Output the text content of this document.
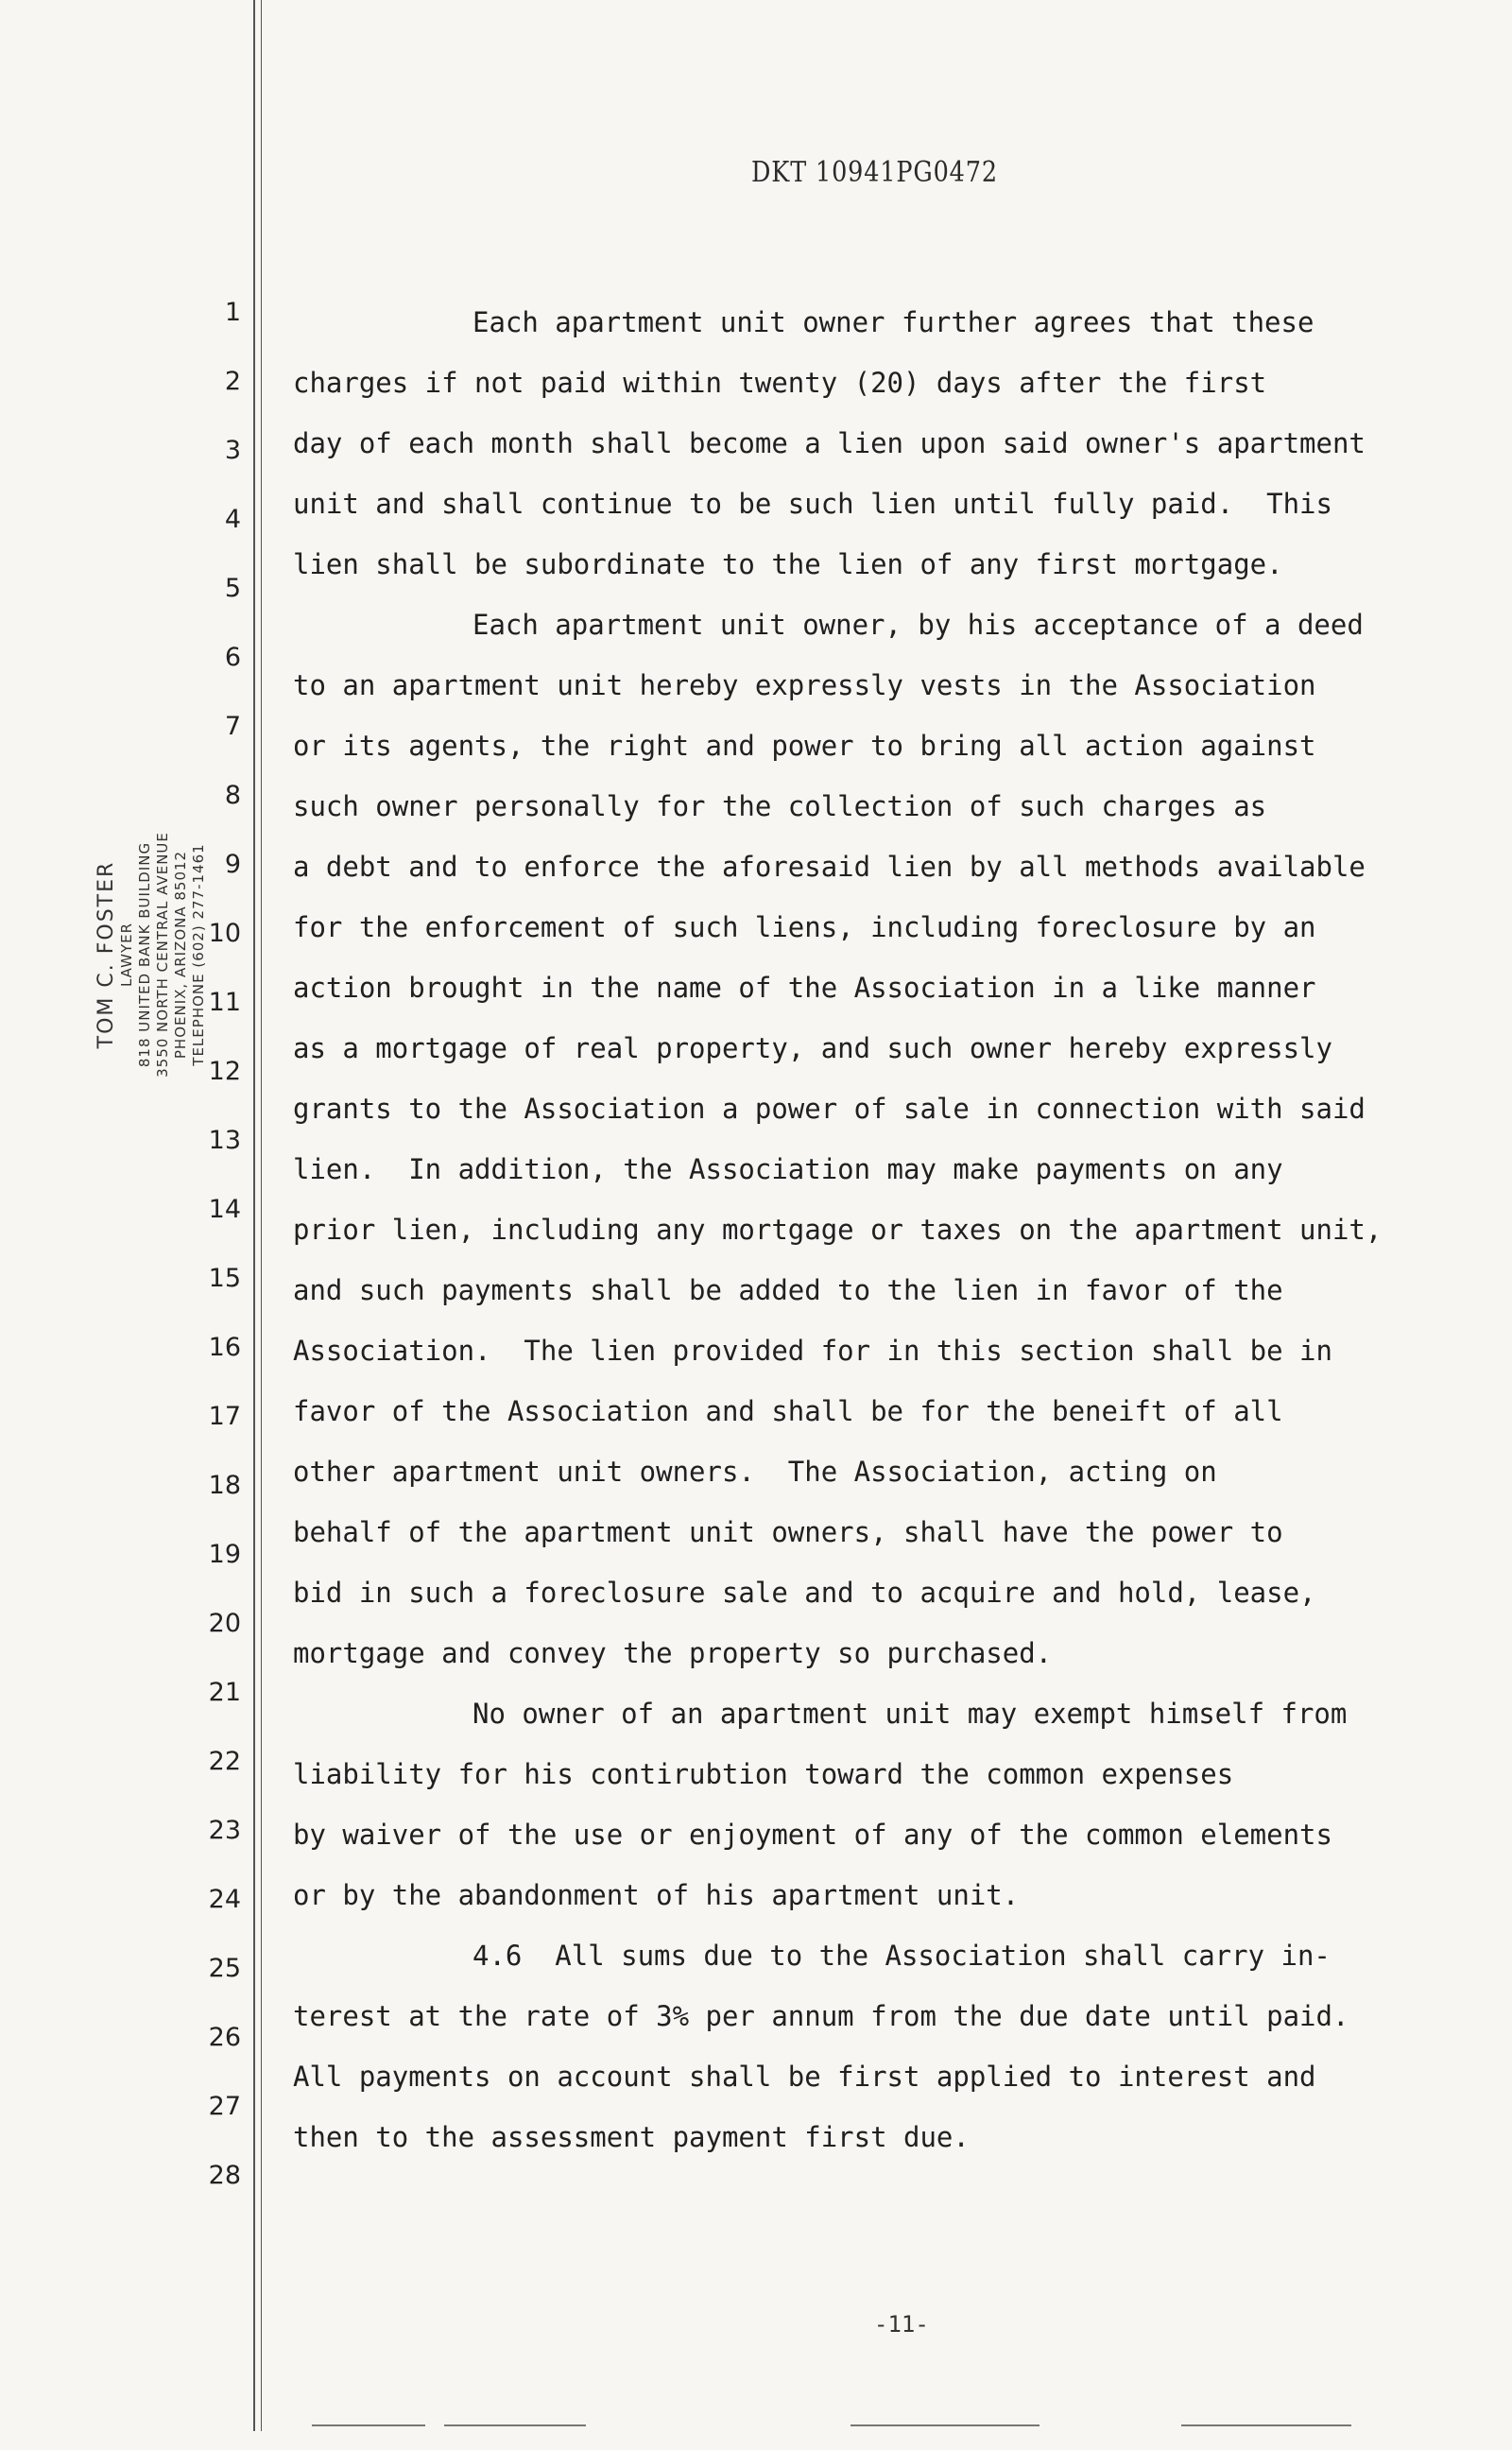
DKT 10941PG0472
TOM C. FOSTER LAWYER 818 UNITED BANK BUILDING 3550 NORTH CENTRAL AVENUE PHOENIX, ARIZONA 85012 TELEPHONE (602) 277-1461
1
2
3
4
5
6
7
8
9
10
11
12
13
14
15
16
17
18
19
20
21
22
23
24
25
26
27
28
Each apartment unit owner further agrees that these
charges if not paid within twenty (20) days after the first
day of each month shall become a lien upon said owner's apartment
unit and shall continue to be such lien until fully paid.  This
lien shall be subordinate to the lien of any first mortgage.
Each apartment unit owner, by his acceptance of a deed
to an apartment unit hereby expressly vests in the Association
or its agents, the right and power to bring all action against
such owner personally for the collection of such charges as
a debt and to enforce the aforesaid lien by all methods available
for the enforcement of such liens, including foreclosure by an
action brought in the name of the Association in a like manner
as a mortgage of real property, and such owner hereby expressly
grants to the Association a power of sale in connection with said
lien.  In addition, the Association may make payments on any
prior lien, including any mortgage or taxes on the apartment unit,
and such payments shall be added to the lien in favor of the
Association.  The lien provided for in this section shall be in
favor of the Association and shall be for the beneift of all
other apartment unit owners.  The Association, acting on
behalf of the apartment unit owners, shall have the power to
bid in such a foreclosure sale and to acquire and hold, lease,
mortgage and convey the property so purchased.
No owner of an apartment unit may exempt himself from
liability for his contirubtion toward the common expenses
by waiver of the use or enjoyment of any of the common elements
or by the abandonment of his apartment unit.
4.6  All sums due to the Association shall carry in-
terest at the rate of 3% per annum from the due date until paid.
All payments on account shall be first applied to interest and
then to the assessment payment first due.
-11-
